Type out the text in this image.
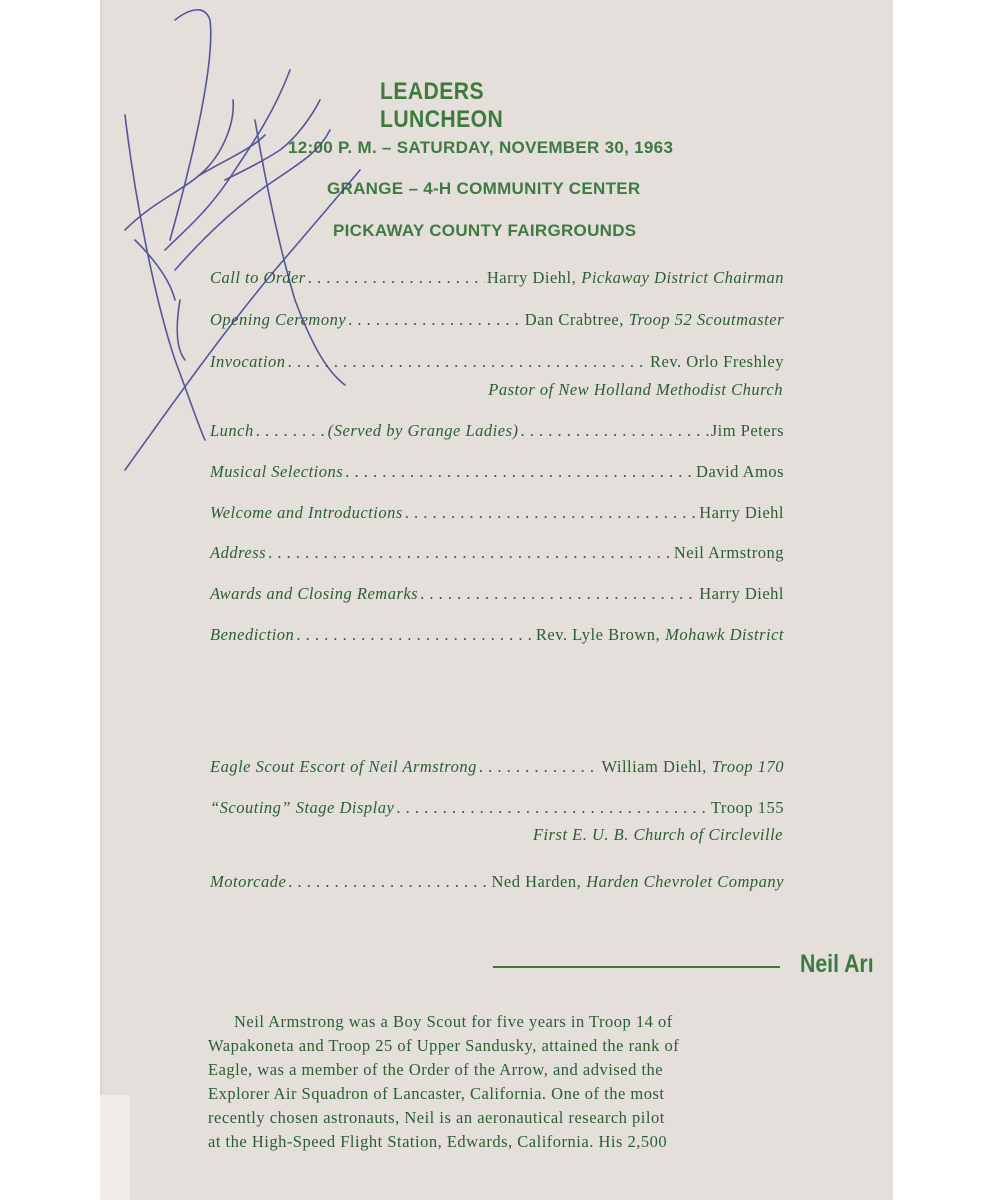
LEADERS LUNCHEON
12:00 P. M. – SATURDAY, NOVEMBER 30, 1963
GRANGE – 4-H COMMUNITY CENTER
PICKAWAY COUNTY FAIRGROUNDS
Call to Order . . .	Harry Diehl, Pickaway District Chairman
Opening Ceremony . . .	Dan Crabtree, Troop 52 Scoutmaster
Invocation . . .	Rev. Orlo Freshley
Pastor of New Holland Methodist Church
Lunch . . .	(Served by Grange Ladies) . . .	Jim Peters
Musical Selections . . .	David Amos
Welcome and Introductions . . .	Harry Diehl
Address . . .	Neil Armstrong
Awards and Closing Remarks . . .	Harry Diehl
Benediction . . .	Rev. Lyle Brown, Mohawk District
Eagle Scout Escort of Neil Armstrong . . .	William Diehl, Troop 170
“Scouting” Stage Display . . .	Troop 155
First E. U. B. Church of Circleville
Motorcade . . .	Ned Harden, Harden Chevrolet Company
Neil Arı
Neil Armstrong was a Boy Scout for five years in Troop 14 of
Wapakoneta and Troop 25 of Upper Sandusky, attained the rank of
Eagle, was a member of the Order of the Arrow, and advised the
Explorer Air Squadron of Lancaster, California. One of the most
recently chosen astronauts, Neil is an aeronautical research pilot
at the High-Speed Flight Station, Edwards, California. His 2,500
